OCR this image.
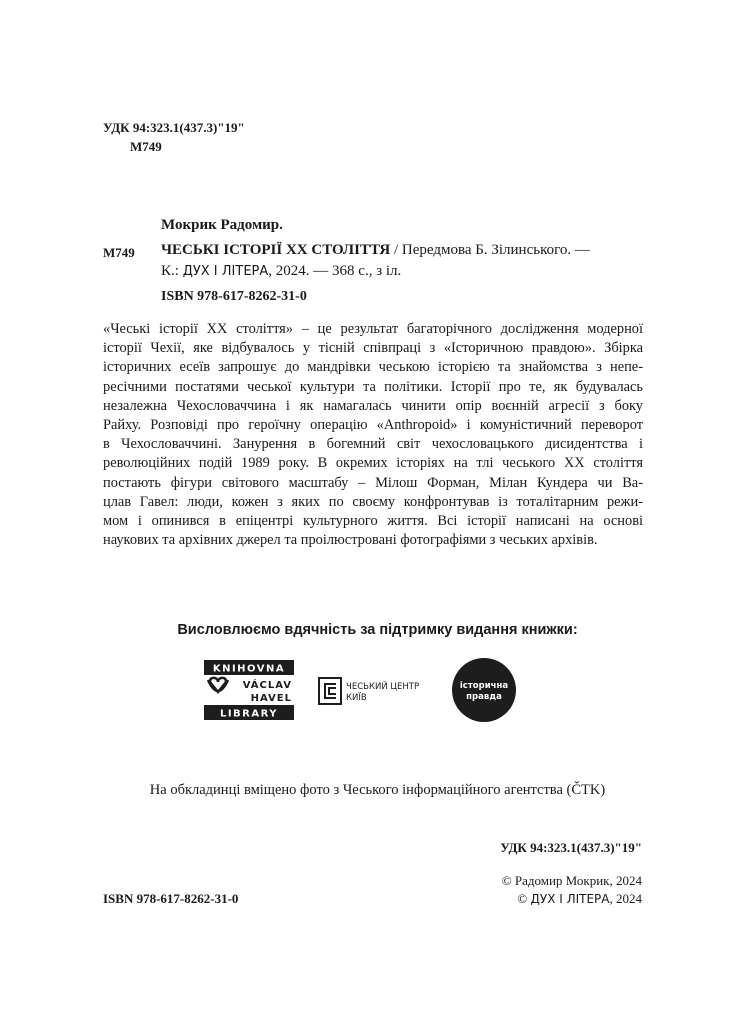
УДК 94:323.1(437.3)"19"
М749
Мокрик Радомир.
М749 ЧЕСЬКІ ІСТОРІЇ ХХ СТОЛІТТЯ / Передмова Б. Зілинського. —
К.: ДУХ І ЛІТЕРА, 2024. — 368 с., з іл.
ISBN 978-617-8262-31-0
«Чеські історії XX століття» – це результат багаторічного дослідження модерної
історії Чехії, яке відбувалось у тісній співпраці з «Історичною правдою». Збірка
історичних есеїв запрошує до мандрівки чеською історією та знайомства з непе-
ресічними постатями чеської культури та політики. Історії про те, як будувалась
незалежна Чехословаччина і як намагалась чинити опір воєнній агресії з боку
Райху. Розповіді про героїчну операцію «Anthropoid» і комуністичний переворот
в Чехословаччині. Занурення в богемний світ чехословацького дисидентства і
революційних подій 1989 року. В окремих історіях на тлі чеського XX століття
постають фігури світового масштабу – Мілош Форман, Мілан Кундера чи Ва-
цлав Гавел: люди, кожен з яких по своєму конфронтував із тоталітарним режи-
мом і опинився в епіцентрі культурного життя. Всі історії написані на основі
наукових та архівних джерел та проілюстровані фотографіями з чеських архівів.
Висловлюємо вдячність за підтримку видання книжки:
KNIHOVNA
LIBRARY
VÁCLAV
HAVEL
ЧЕСЬКИЙ ЦЕНТР
КИЇВ
історична
правда
На обкладинці вміщено фото з Чеського інформаційного агентства (ČTK)
УДК 94:323.1(437.3)"19"
© Радомир Мокрик, 2024
© ДУХ І ЛІТЕРА, 2024
ISBN 978-617-8262-31-0
